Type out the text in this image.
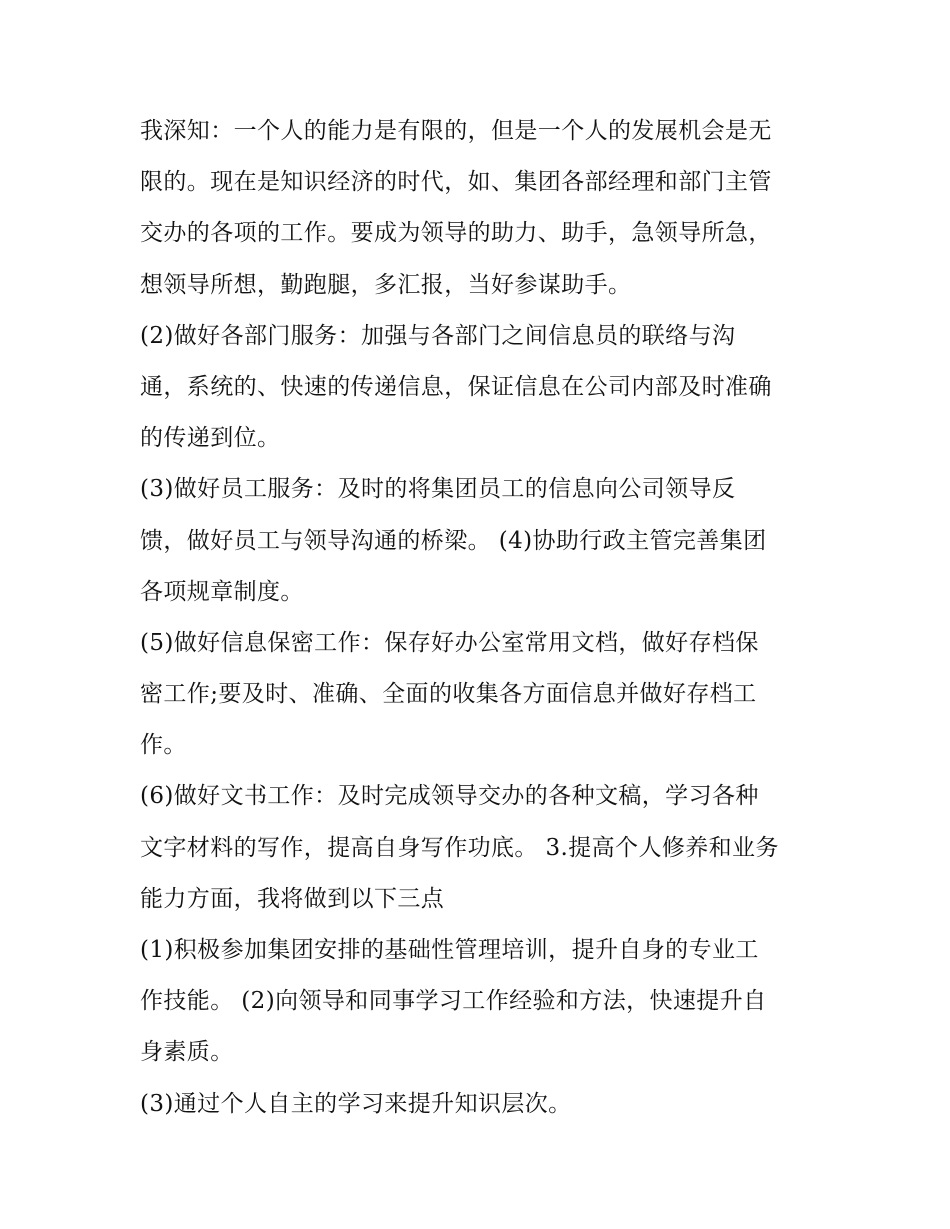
我深知：一个人的能力是有限的，但是一个人的发展机会是无
限的。现在是知识经济的时代，如、集团各部经理和部门主管
交办的各项的工作。要成为领导的助力、助手，急领导所急，
想领导所想，勤跑腿，多汇报，当好参谋助手。
(2)做好各部门服务：加强与各部门之间信息员的联络与沟
通，系统的、快速的传递信息，保证信息在公司内部及时准确
的传递到位。
(3)做好员工服务：及时的将集团员工的信息向公司领导反
馈，做好员工与领导沟通的桥梁。 (4)协助行政主管完善集团
各项规章制度。
(5)做好信息保密工作：保存好办公室常用文档，做好存档保
密工作;要及时、准确、全面的收集各方面信息并做好存档工
作。
(6)做好文书工作：及时完成领导交办的各种文稿，学习各种
文字材料的写作，提高自身写作功底。 3.提高个人修养和业务
能力方面，我将做到以下三点
(1)积极参加集团安排的基础性管理培训，提升自身的专业工
作技能。 (2)向领导和同事学习工作经验和方法，快速提升自
身素质。
(3)通过个人自主的学习来提升知识层次。
